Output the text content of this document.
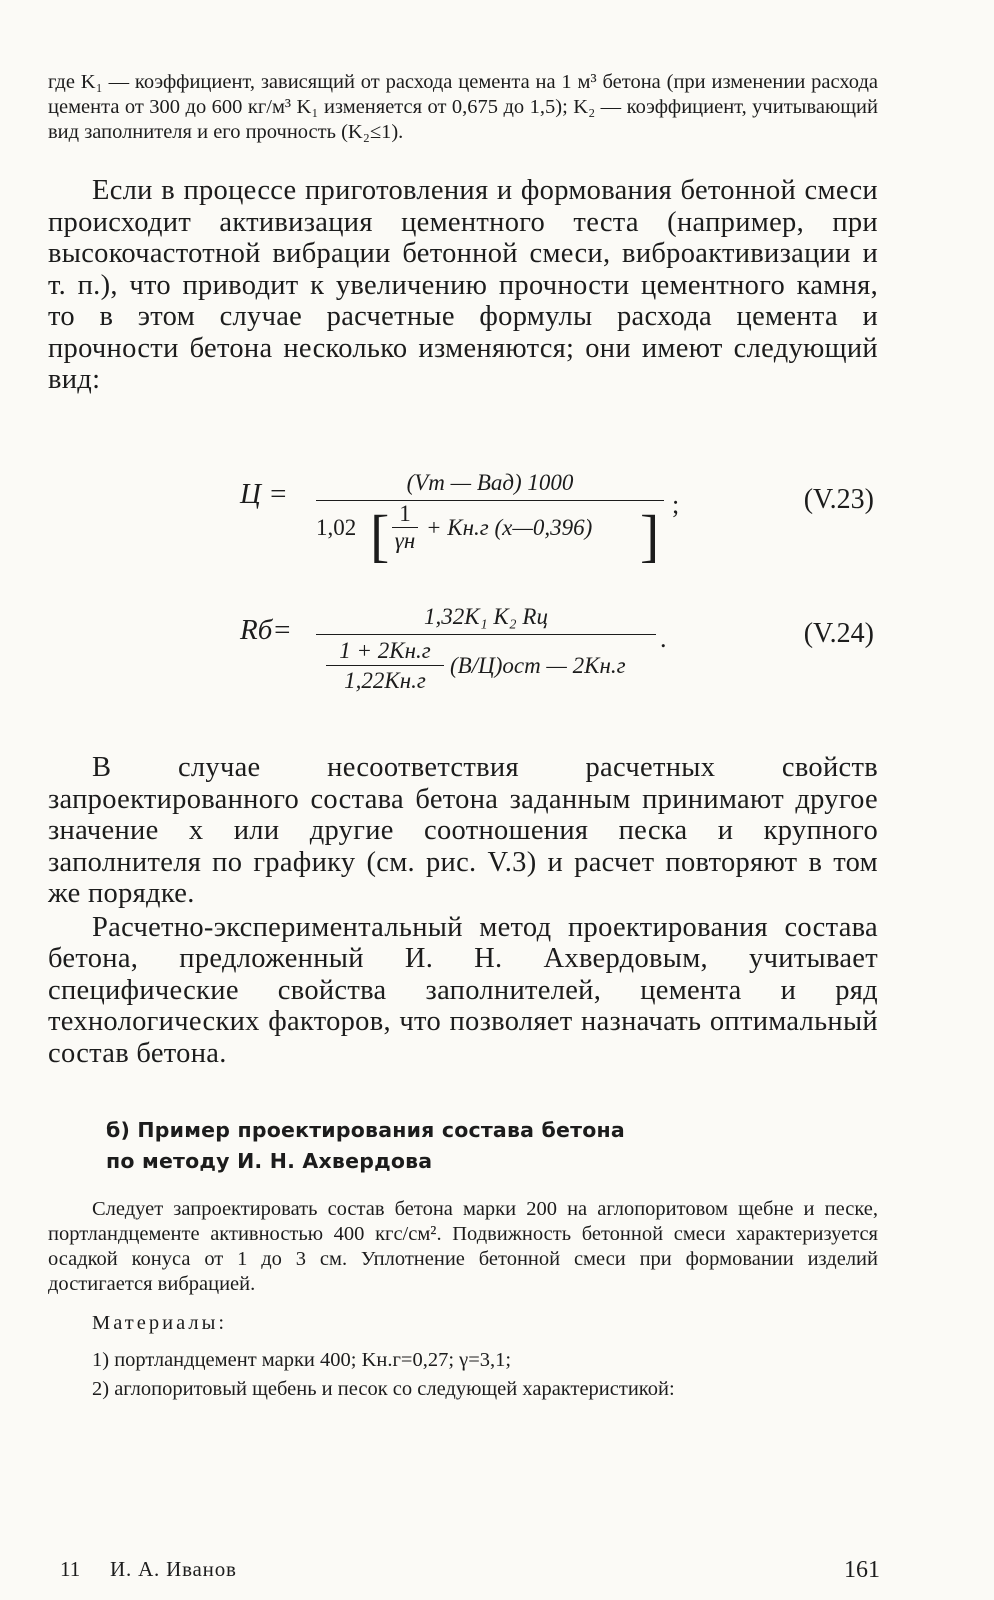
где K₁ — коэффициент, зависящий от расхода цемента на 1 м³ бетона (при изменении расхода цемента от 300 до 600 кг/м³ K₁ изменяется от 0,675 до 1,5); K₂ — коэффициент, учитывающий вид заполнителя и его прочность (K₂≤1).

Если в процессе приготовления и формования бетонной смеси происходит активизация цементного теста (например, при высокочастотной вибрации бетонной смеси, виброактивизации и т. п.), что приводит к увеличению прочности цементного камня, то в этом случае расчетные формулы расхода цемента и прочности бетона несколько изменяются; они имеют следующий вид:

Ц =	(Vт — Вад) 1000
1,02 [ 1
γн
+ Kн.г (x—0,396) ] ;	(V.23)
Rб=	1,32K₁ K₂ Rц
1 + 2Kн.г
1,22Kн.г
(В/Ц)ост — 2Kн.г
.	(V.24)

В случае несоответствия расчетных свойств запроектированного состава бетона заданным принимают другое значение x или другие соотношения песка и крупного заполнителя по графику (см. рис. V.3) и расчет повторяют в том же порядке.

Расчетно-экспериментальный метод проектирования состава бетона, предложенный И. Н. Ахвердовым, учитывает специфические свойства заполнителей, цемента и ряд технологических факторов, что позволяет назначать оптимальный состав бетона.

б) Пример проектирования состава бетона

по методу И. Н. Ахвердова

Следует запроектировать состав бетона марки 200 на аглопоритовом щебне и песке, портландцементе активностью 400 кгс/см². Подвижность бетонной смеси характеризуется осадкой конуса от 1 до 3 см. Уплотнение бетонной смеси при формовании изделий достигается вибрацией.

Материалы:

1) портландцемент марки 400; Kн.г=0,27; γ=3,1;

2) аглопоритовый щебень и песок со следующей характеристикой:

11 И. А. Иванов	161
